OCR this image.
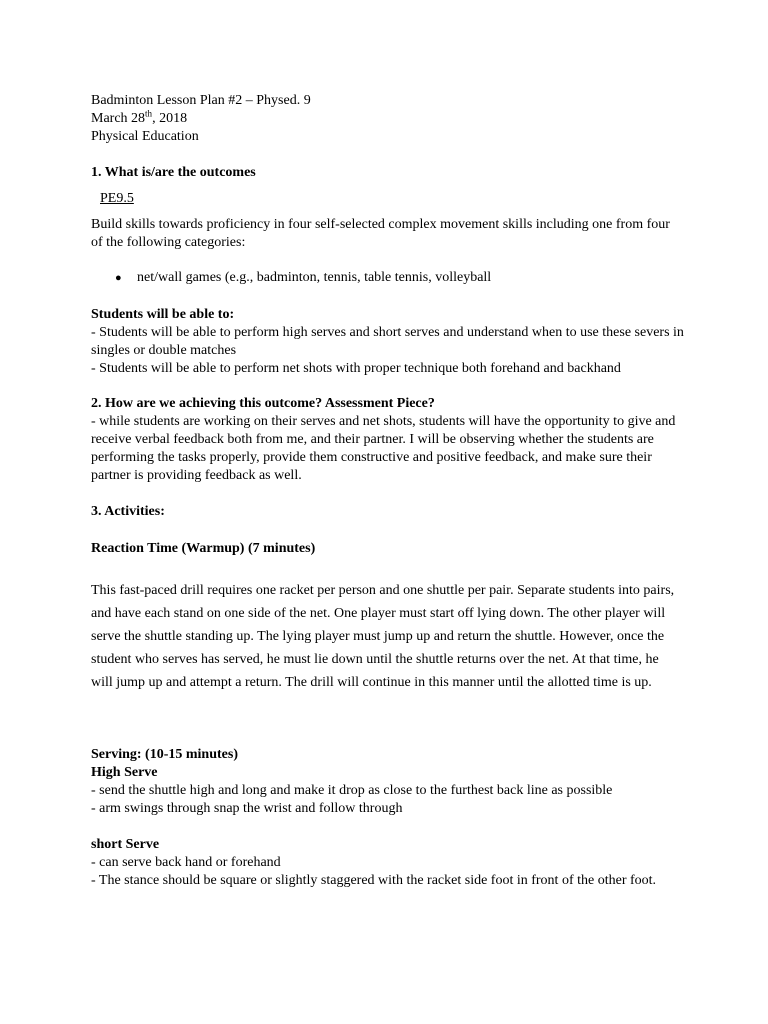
Badminton Lesson Plan #2 – Physed. 9
March 28th, 2018
Physical Education
1. What is/are the outcomes
PE9.5
Build skills towards proficiency in four self-selected complex movement skills including one from four of the following categories:
●	net/wall games (e.g., badminton, tennis, table tennis, volleyball
Students will be able to:
- Students will be able to perform high serves and short serves and understand when to use these severs in singles or double matches
- Students will be able to perform net shots with proper technique both forehand and backhand
2. How are we achieving this outcome? Assessment Piece?
- while students are working on their serves and net shots, students will have the opportunity to give and receive verbal feedback both from me, and their partner. I will be observing whether the students are performing the tasks properly, provide them constructive and positive feedback, and make sure their partner is providing feedback as well.
3. Activities:
Reaction Time (Warmup) (7 minutes)
This fast-paced drill requires one racket per person and one shuttle per pair. Separate students into pairs, and have each stand on one side of the net. One player must start off lying down. The other player will serve the shuttle standing up. The lying player must jump up and return the shuttle. However, once the student who serves has served, he must lie down until the shuttle returns over the net. At that time, he will jump up and attempt a return. The drill will continue in this manner until the allotted time is up.
Serving: (10-15 minutes)
High Serve
- send the shuttle high and long and make it drop as close to the furthest back line as possible
- arm swings through snap the wrist and follow through
short Serve
- can serve back hand or forehand
- The stance should be square or slightly staggered with the racket side foot in front of the other foot.
